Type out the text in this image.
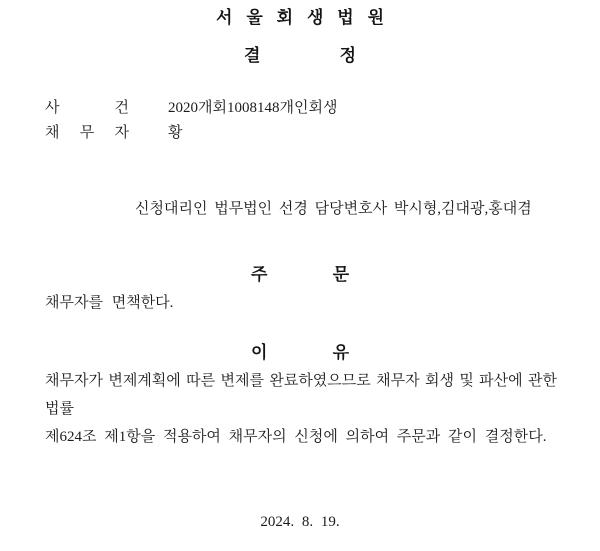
서 울 회 생 법 원
결 정
사 건	2020개회1008148개인회생
채 무 자	황
신청대리인 법무법인 선경 담당변호사 박시형,김대광,홍대겸
주 문
채무자를 면책한다.
이 유
채무자가 변제계획에 따른 변제를 완료하였으므로 채무자 회생 및 파산에 관한 법률
제624조 제1항을 적용하여 채무자의 신청에 의하여 주문과 같이 결정한다.
2024. 8. 19.
